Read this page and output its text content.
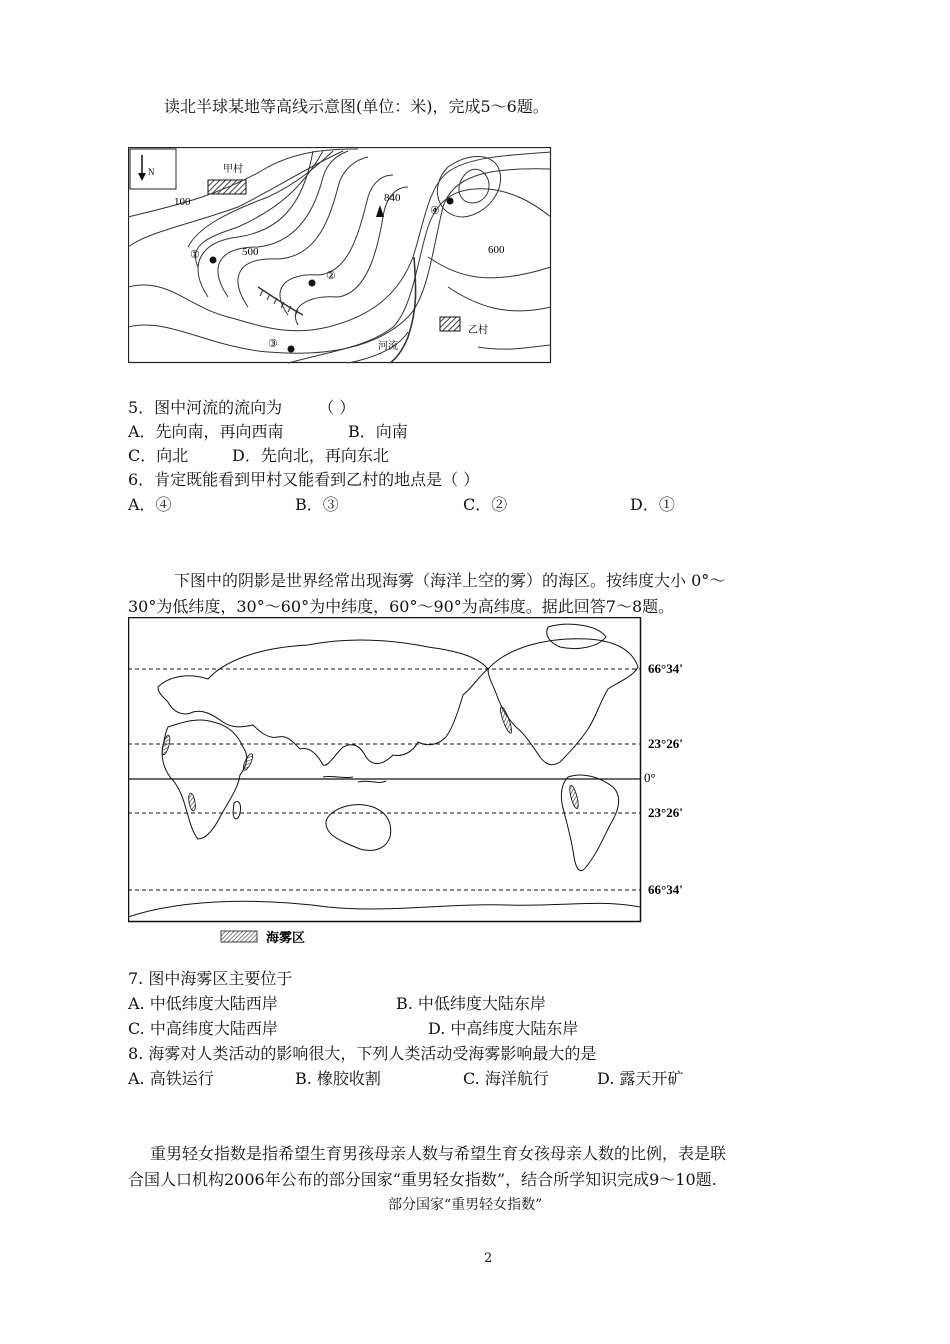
读北半球某地等高线示意图(单位：米)，完成5～6题。
N	甲村
乙村
840
①
②
③
④
100
500	600
河流
5．图中河流的流向为 （ ）
A．先向南，再向西南	B．向南
C．向北	D．先向北，再向东北
6．肯定既能看到甲村又能看到乙村的地点是（ ）
A．④	B．③	C．②	D．①
下图中的阴影是世界经常出现海雾（海洋上空的雾）的海区。按纬度大小 0°～
30°为低纬度，30°～60°为中纬度，60°～90°为高纬度。据此回答7～8题。
66°34'
23°26'
0°
23°26'
66°34'
海雾区
7. 图中海雾区主要位于
A. 中低纬度大陆西岸	B. 中低纬度大陆东岸
C. 中高纬度大陆西岸	D. 中高纬度大陆东岸
8. 海雾对人类活动的影响很大，下列人类活动受海雾影响最大的是
A. 高铁运行	B. 橡胶收割	C. 海洋航行	D. 露天开矿
重男轻女指数是指希望生育男孩母亲人数与希望生育女孩母亲人数的比例，表是联
合国人口机构2006年公布的部分国家“重男轻女指数”，结合所学知识完成9～10题.
部分国家“重男轻女指数”
2
